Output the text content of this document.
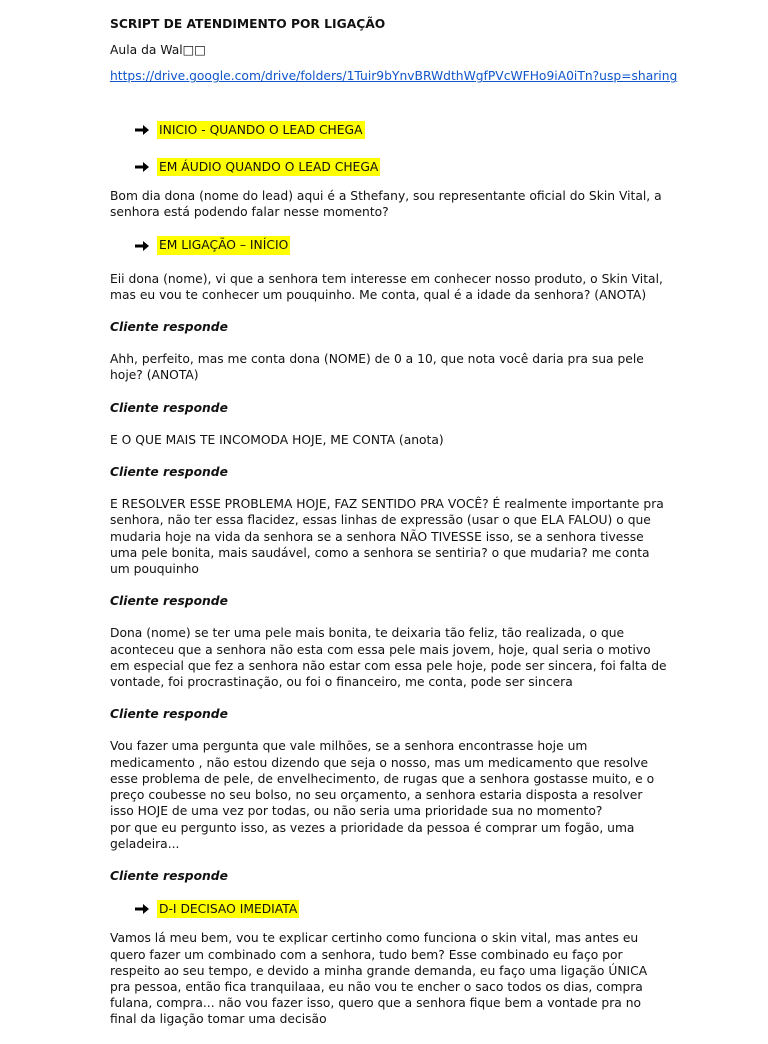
SCRIPT DE ATENDIMENTO POR LIGAÇÃO
Aula da Wal□□
https://drive.google.com/drive/folders/1Tuir9bYnvBRWdthWgfPVcWFHo9iA0iTn?usp=sharing
INICIO - QUANDO O LEAD CHEGA
EM ÁUDIO QUANDO O LEAD CHEGA
Bom dia dona (nome do lead) aqui é a Sthefany, sou representante oficial do Skin Vital, a senhora está podendo falar nesse momento?
EM LIGAÇÃO – INÍCIO
Eii dona (nome), vi que a senhora tem interesse em conhecer nosso produto, o Skin Vital, mas eu vou te conhecer um pouquinho. Me conta, qual é a idade da senhora? (ANOTA)
Cliente responde
Ahh, perfeito, mas me conta dona (NOME) de 0 a 10, que nota você daria pra sua pele hoje? (ANOTA)
Cliente responde
E O QUE MAIS TE INCOMODA HOJE, ME CONTA (anota)
Cliente responde
E RESOLVER ESSE PROBLEMA HOJE, FAZ SENTIDO PRA VOCÊ? É realmente importante pra senhora, não ter essa flacidez, essas linhas de expressão (usar o que ELA FALOU) o que mudaria hoje na vida da senhora se a senhora NÃO TIVESSE isso, se a senhora tivesse uma pele bonita, mais saudável, como a senhora se sentiria? o que mudaria? me conta um pouquinho
Cliente responde
Dona (nome) se ter uma pele mais bonita, te deixaria tão feliz, tão realizada, o que aconteceu que a senhora não esta com essa pele mais jovem, hoje, qual seria o motivo em especial que fez a senhora não estar com essa pele hoje, pode ser sincera, foi falta de vontade, foi procrastinação, ou foi o financeiro, me conta, pode ser sincera
Cliente responde
Vou fazer uma pergunta que vale milhões, se a senhora encontrasse hoje um medicamento , não estou dizendo que seja o nosso, mas um medicamento que resolve esse problema de pele, de envelhecimento, de rugas que a senhora gostasse muito, e o preço coubesse no seu bolso, no seu orçamento, a senhora estaria disposta a resolver isso HOJE de uma vez por todas, ou não seria uma prioridade sua no momento?
por que eu pergunto isso, as vezes a prioridade da pessoa é comprar um fogão, uma geladeira...
Cliente responde
D-I DECISAO IMEDIATA
Vamos lá meu bem, vou te explicar certinho como funciona o skin vital, mas antes eu quero fazer um combinado com a senhora, tudo bem? Esse combinado eu faço por respeito ao seu tempo, e devido a minha grande demanda, eu faço uma ligação ÚNICA pra pessoa, então fica tranquilaaa, eu não vou te encher o saco todos os dias, compra fulana, compra... não vou fazer isso, quero que a senhora fique bem a vontade pra no final da ligação tomar uma decisão
